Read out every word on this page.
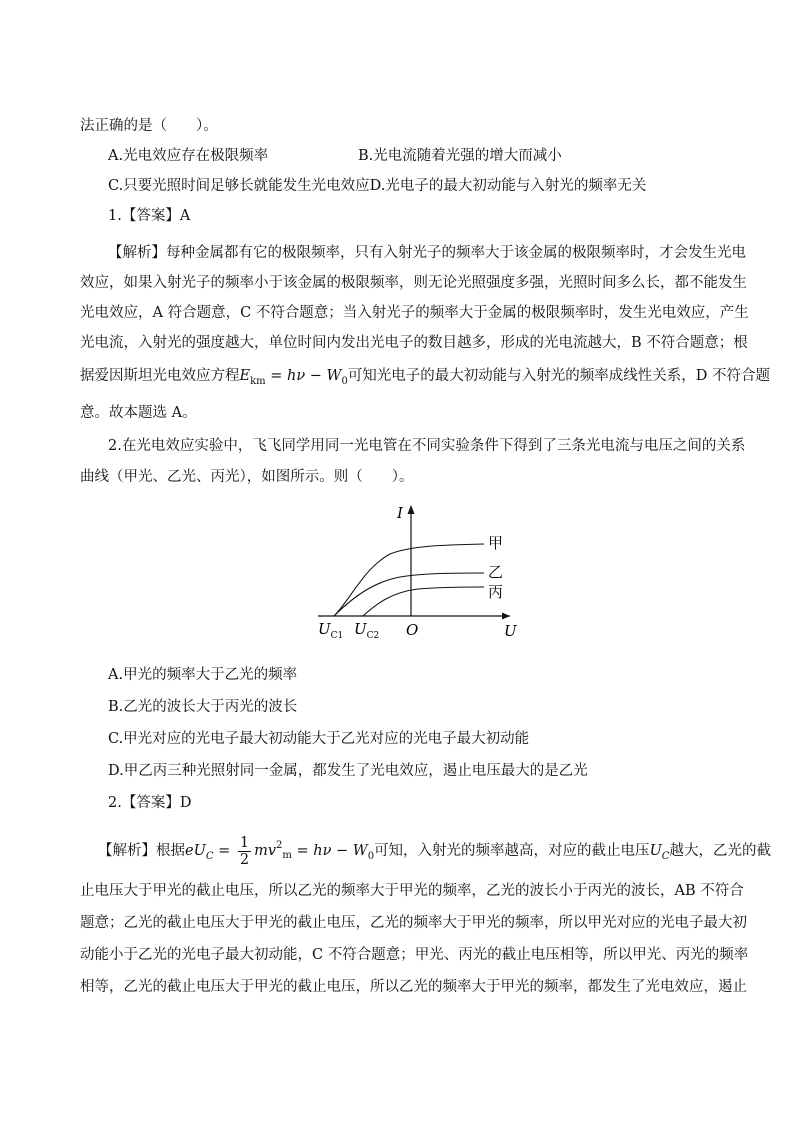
法正确的是（　　）。
A.光电效应存在极限频率	B.光电流随着光强的增大而减小
C.只要光照时间足够长就能发生光电效应D.光电子的最大初动能与入射光的频率无关
1.【答案】A
【解析】每种金属都有它的极限频率，只有入射光子的频率大于该金属的极限频率时，才会发生光电
效应，如果入射光子的频率小于该金属的极限频率，则无论光照强度多强，光照时间多么长，都不能发生
光电效应，A 符合题意，C 不符合题意；当入射光子的频率大于金属的极限频率时，发生光电效应，产生
光电流，入射光的强度越大，单位时间内发出光电子的数目越多，形成的光电流越大，B 不符合题意；根
据爱因斯坦光电效应方程$E_{km} = h\nu - W_0$可知光电子的最大初动能与入射光的频率成线性关系，D 不符合题
意。故本题选 A。
2.在光电效应实验中，飞飞同学用同一光电管在不同实验条件下得到了三条光电流与电压之间的关系
曲线（甲光、乙光、丙光），如图所示。则（　　）。
甲
乙
丙
I
U
O
$U_{C1}$ $U_{C2}$
A.甲光的频率大于乙光的频率
B.乙光的波长大于丙光的波长
C.甲光对应的光电子最大初动能大于乙光对应的光电子最大初动能
D.甲乙丙三种光照射同一金属，都发生了光电效应，遏止电压最大的是乙光
2.【答案】D
【解析】根据$eU_C = \frac{1}{2} mv_{^2m} = h\nu - W_0$可知，入射光的频率越高，对应的截止电压$U_C$越大，乙光的截
止电压大于甲光的截止电压，所以乙光的频率大于甲光的频率，乙光的波长小于丙光的波长，AB 不符合
题意；乙光的截止电压大于甲光的截止电压，乙光的频率大于甲光的频率，所以甲光对应的光电子最大初
动能小于乙光的光电子最大初动能，C 不符合题意；甲光、丙光的截止电压相等，所以甲光、丙光的频率
相等，乙光的截止电压大于甲光的截止电压，所以乙光的频率大于甲光的频率，都发生了光电效应，遏止
